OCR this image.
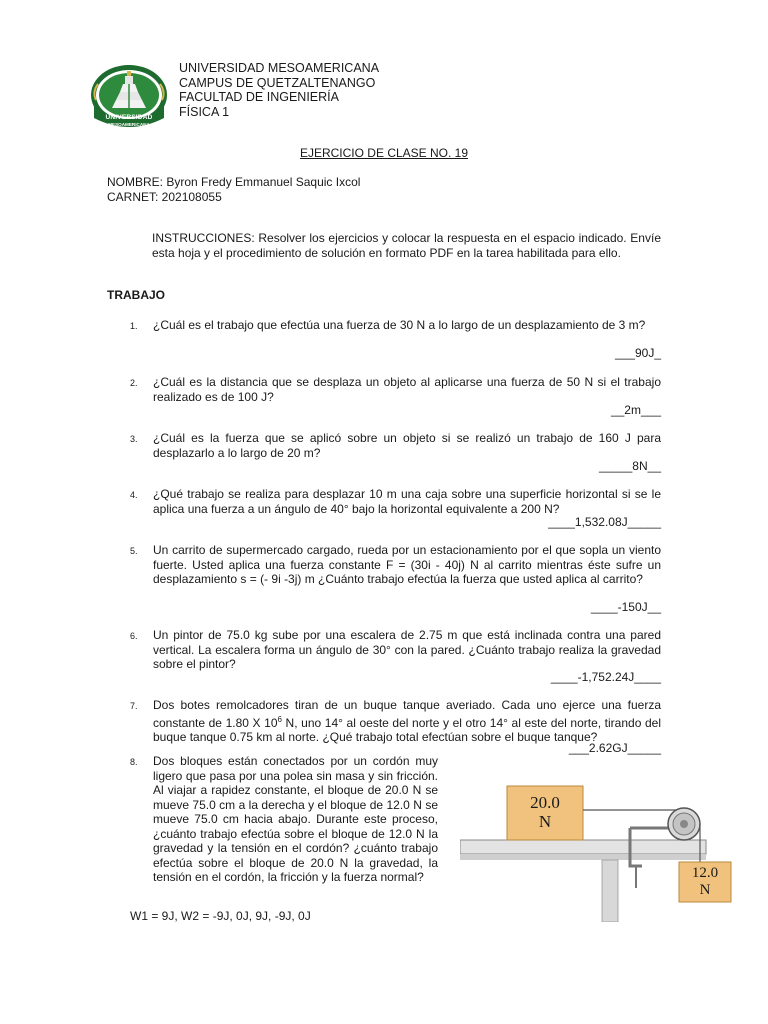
UNIVERSIDAD
MESOAMERICANA
UNIVERSIDAD MESOAMERICANA
CAMPUS DE QUETZALTENANGO
FACULTAD DE INGENIERÍA
FÍSICA 1
EJERCICIO DE CLASE NO. 19
NOMBRE: Byron Fredy Emmanuel Saquic Ixcol
CARNET: 202108055
INSTRUCCIONES: Resolver los ejercicios y colocar la respuesta en el espacio indicado. Envíe esta hoja y el procedimiento de solución en formato PDF en la tarea habilitada para ello.
TRABAJO
1. ¿Cuál es el trabajo que efectúa una fuerza de 30 N a lo largo de un desplazamiento de 3 m?
___90J_
2. ¿Cuál es la distancia que se desplaza un objeto al aplicarse una fuerza de 50 N si el trabajo realizado es de 100 J?
__2m___
3. ¿Cuál es la fuerza que se aplicó sobre un objeto si se realizó un trabajo de 160 J para desplazarlo a lo largo de 20 m?
_____8N__
4. ¿Qué trabajo se realiza para desplazar 10 m una caja sobre una superficie horizontal si se le aplica una fuerza a un ángulo de 40° bajo la horizontal equivalente a 200 N?
____1,532.08J_____
5. Un carrito de supermercado cargado, rueda por un estacionamiento por el que sopla un viento fuerte. Usted aplica una fuerza constante F = (30i - 40j) N al carrito mientras éste sufre un desplazamiento s = (- 9i -3j) m ¿Cuánto trabajo efectúa la fuerza que usted aplica al carrito?
____-150J__
6. Un pintor de 75.0 kg sube por una escalera de 2.75 m que está inclinada contra una pared vertical. La escalera forma un ángulo de 30° con la pared. ¿Cuánto trabajo realiza la gravedad sobre el pintor?
____-1,752.24J____
7. Dos botes remolcadores tiran de un buque tanque averiado. Cada uno ejerce una fuerza constante de 1.80 X $10^6$ N, uno 14° al oeste del norte y el otro 14° al este del norte, tirando del buque tanque 0.75 km al norte. ¿Qué trabajo total efectúan sobre el buque tanque?
___2.62GJ_____
8. Dos bloques están conectados por un cordón muy ligero que pasa por una polea sin masa y sin fricción. Al viajar a rapidez constante, el bloque de 20.0 N se mueve 75.0 cm a la derecha y el bloque de 12.0 N se mueve 75.0 cm hacia abajo. Durante este proceso, ¿cuánto trabajo efectúa sobre el bloque de 12.0 N la gravedad y la tensión en el cordón? ¿cuánto trabajo efectúa sobre el bloque de 20.0 N la gravedad, la tensión en el cordón, la fricción y la fuerza normal?
W1 = 9J, W2 = -9J, 0J, 9J, -9J, 0J
20.0
N
12.0
N
